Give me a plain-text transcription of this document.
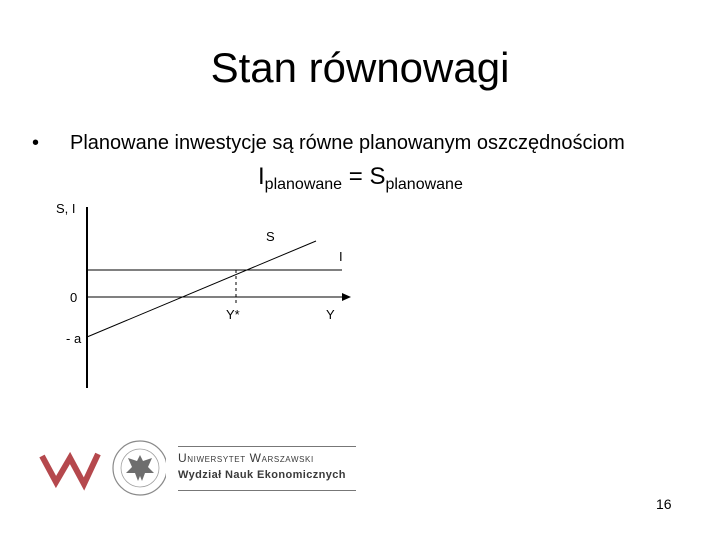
Stan równowagi
• Planowane inwestycje są równe planowanym oszczędnościom
$I_{planowane} = S_{planowane}$
S, I
0
- a
S
I
Y*	Y
Uniwersytet Warszawski
Wydział Nauk Ekonomicznych
16
